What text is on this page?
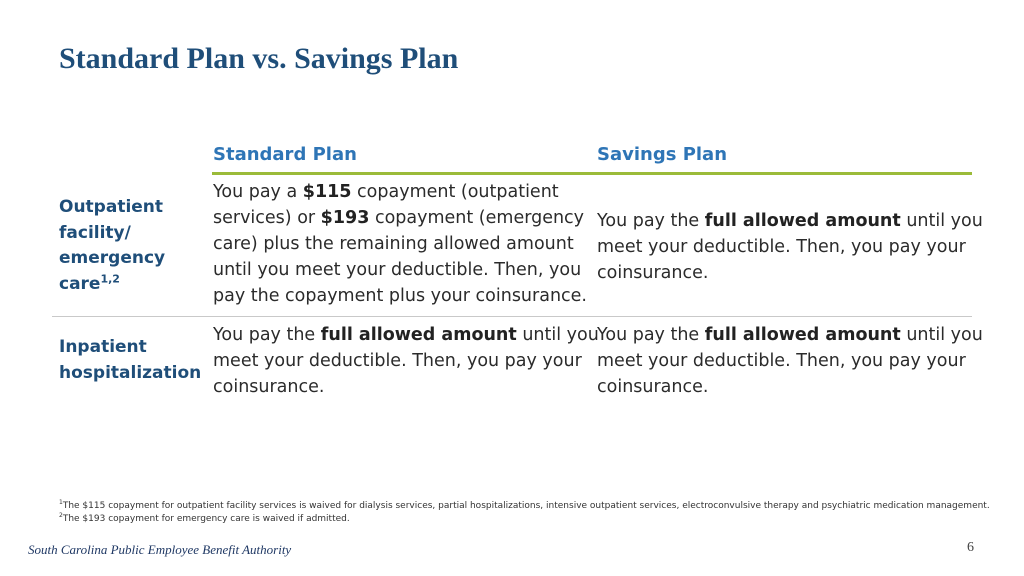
Standard Plan vs. Savings Plan
Standard Plan	Savings Plan

Outpatient
facility/
emergency
care$^{1,2}$

You pay a $115 copayment (outpatient
services) or $193 copayment (emergency
care) plus the remaining allowed amount
until you meet your deductible. Then, you
pay the copayment plus your coinsurance.

You pay the full allowed amount until you
meet your deductible. Then, you pay your
coinsurance.

Inpatient
hospitalization

You pay the full allowed amount until you
meet your deductible. Then, you pay your
coinsurance.

You pay the full allowed amount until you
meet your deductible. Then, you pay your
coinsurance.

$^1$The $115 copayment for outpatient facility services is waived for dialysis services, partial hospitalizations, intensive outpatient services, electroconvulsive therapy and psychiatric medication management.
$^2$The $193 copayment for emergency care is waived if admitted.
South Carolina Public Employee Benefit Authority	6
